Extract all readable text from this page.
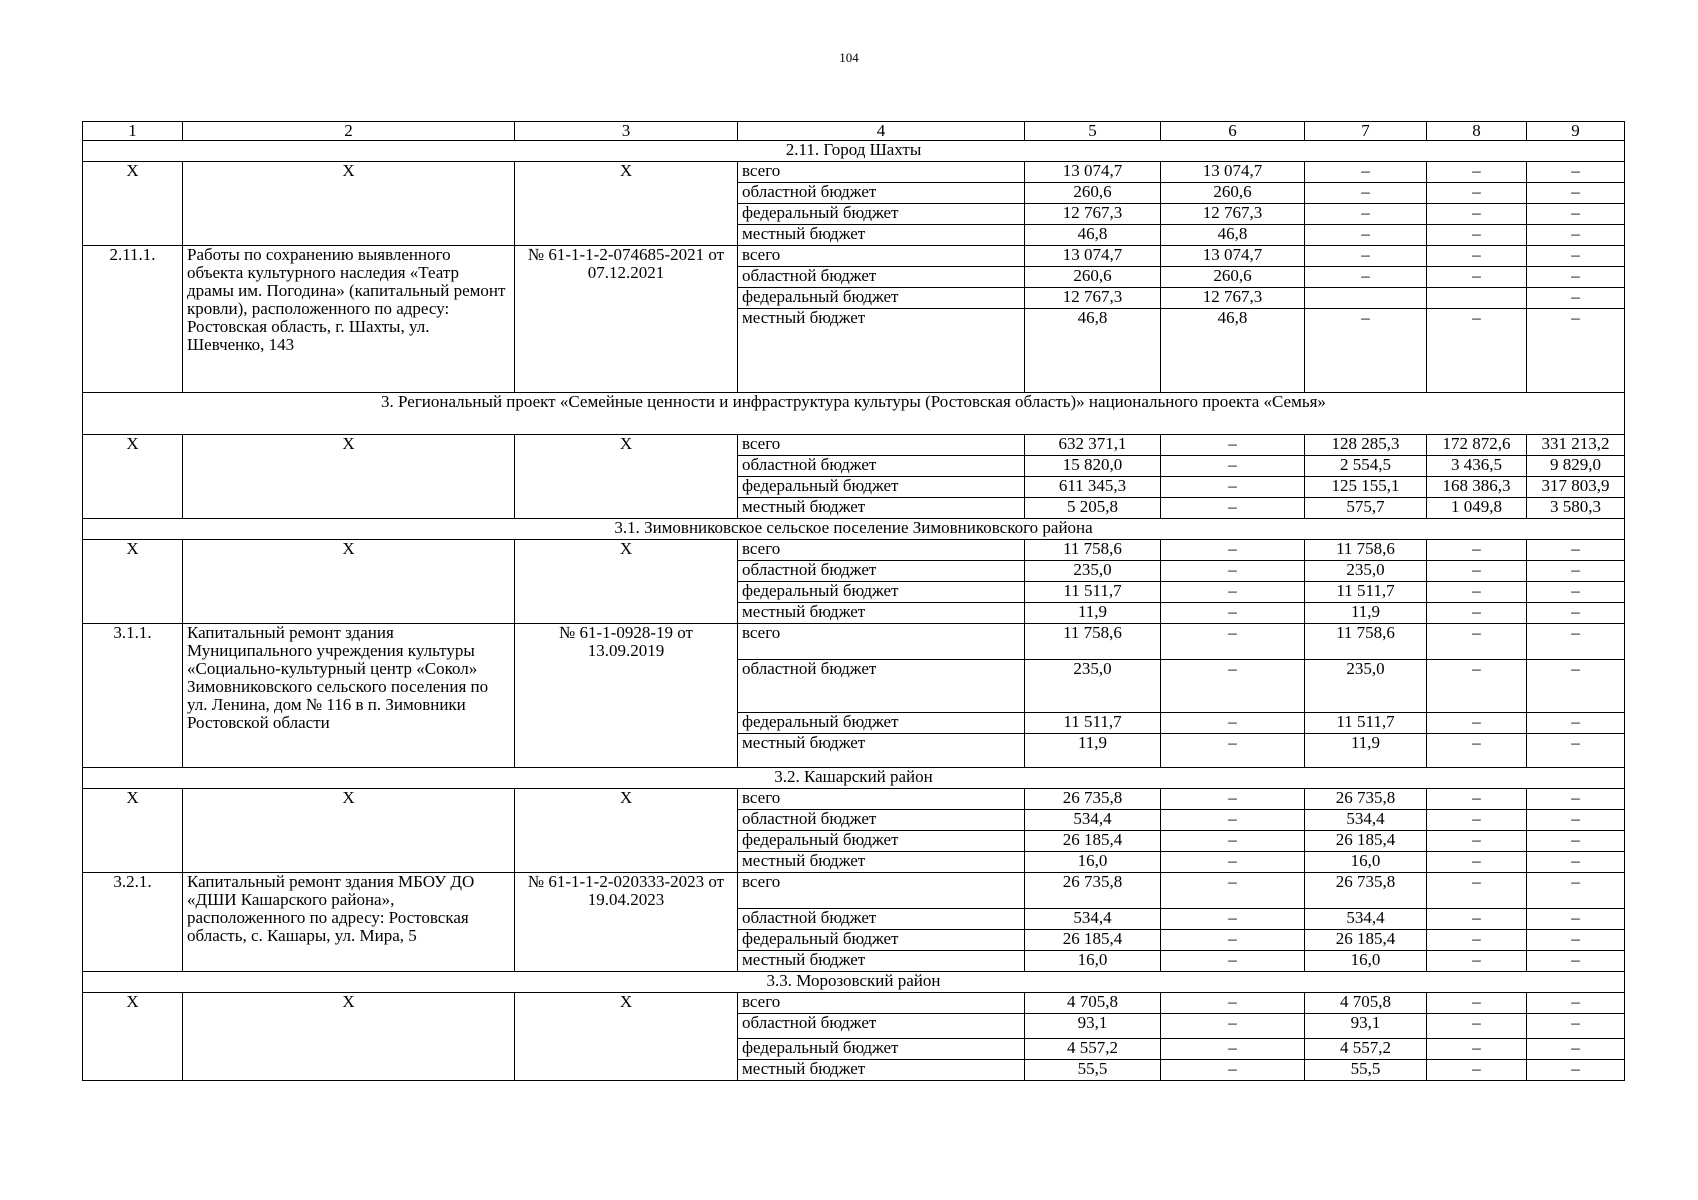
104
1	2	3	4	5	6	7	8	9
2.11. Город Шахты								
Х	Х	Х	всего	13 074,7	13 074,7	–	–	–
			областной бюджет	260,6	260,6	–	–	–
			федеральный бюджет	12 767,3	12 767,3	–	–	–
			местный бюджет	46,8	46,8	–	–	–
2.11.1.	Работы по сохранению выявленного объекта культурного наследия «Театр драмы им. Погодина» (капитальный ремонт кровли), расположенного по адресу: Ростовская область, г. Шахты, ул. Шевченко, 143	№ 61-1-1-2-074685-2021 от 07.12.2021	всего	13 074,7	13 074,7	–	–	–
			областной бюджет	260,6	260,6	–	–	–
			федеральный бюджет	12 767,3	12 767,3			–
			местный бюджет	46,8	46,8	–	–	–
3. Региональный проект «Семейные ценности и инфраструктура культуры (Ростовская область)» национального проекта «Семья»								
Х	Х	Х	всего	632 371,1	–	128 285,3	172 872,6	331 213,2
			областной бюджет	15 820,0	–	2 554,5	3 436,5	9 829,0
			федеральный бюджет	611 345,3	–	125 155,1	168 386,3	317 803,9
			местный бюджет	5 205,8	–	575,7	1 049,8	3 580,3
3.1. Зимовниковское сельское поселение Зимовниковского района								
Х	Х	Х	всего	11 758,6	–	11 758,6	–	–
			областной бюджет	235,0	–	235,0	–	–
			федеральный бюджет	11 511,7	–	11 511,7	–	–
			местный бюджет	11,9	–	11,9	–	–
3.1.1.	Капитальный ремонт здания Муниципального учреждения культуры «Социально-культурный центр «Сокол» Зимовниковского сельского поселения по ул. Ленина, дом № 116 в п. Зимовники Ростовской области	№ 61-1-0928-19 от 13.09.2019	всего	11 758,6	–	11 758,6	–	–
			областной бюджет	235,0	–	235,0	–	–
			федеральный бюджет	11 511,7	–	11 511,7	–	–
			местный бюджет	11,9	–	11,9	–	–
3.2. Кашарский район								
Х	Х	Х	всего	26 735,8	–	26 735,8	–	–
			областной бюджет	534,4	–	534,4	–	–
			федеральный бюджет	26 185,4	–	26 185,4	–	–
			местный бюджет	16,0	–	16,0	–	–
3.2.1.	Капитальный ремонт здания МБОУ ДО «ДШИ Кашарского района», расположенного по адресу: Ростовская область, с. Кашары, ул. Мира, 5	№ 61-1-1-2-020333-2023 от 19.04.2023	всего	26 735,8	–	26 735,8	–	–
			областной бюджет	534,4	–	534,4	–	–
			федеральный бюджет	26 185,4	–	26 185,4	–	–
			местный бюджет	16,0	–	16,0	–	–
3.3. Морозовский район								
Х	Х	Х	всего	4 705,8	–	4 705,8	–	–
			областной бюджет	93,1	–	93,1	–	–
			федеральный бюджет	4 557,2	–	4 557,2	–	–
			местный бюджет	55,5	–	55,5	–	–
